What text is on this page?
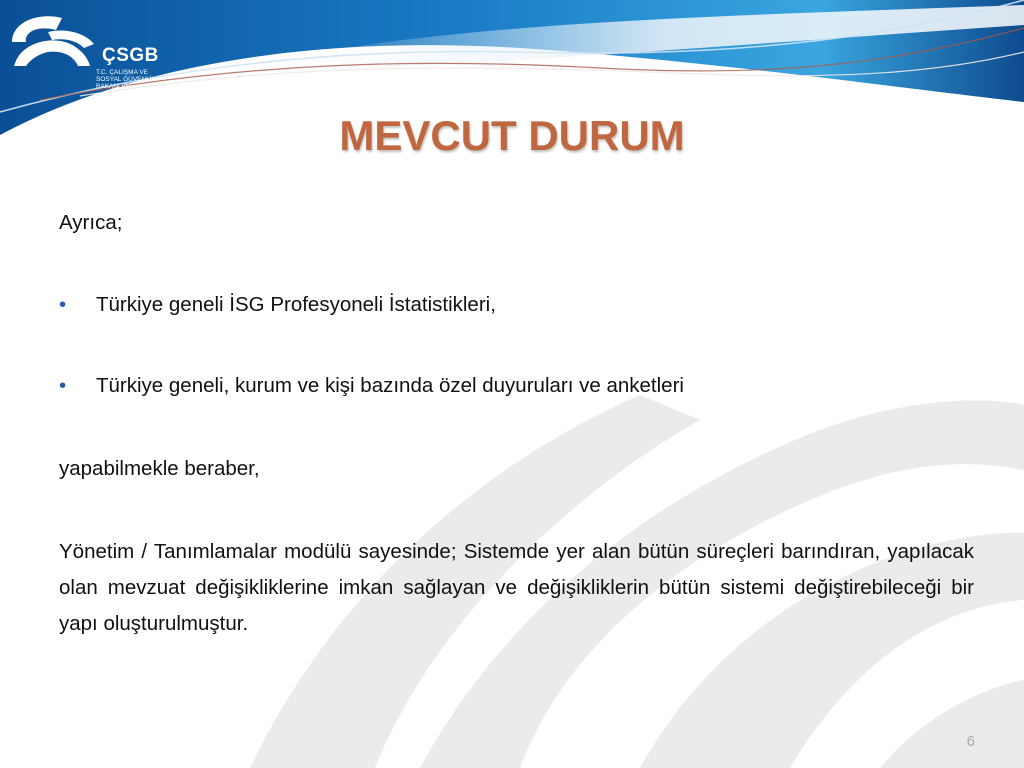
ÇSGB
T.C. ÇALIŞMA VE
SOSYAL GÜVENLİK
BAKANLIĞI
MEVCUT DURUM
Ayrıca;
• Türkiye geneli İSG Profesyoneli İstatistikleri,
• Türkiye geneli, kurum ve kişi bazında özel duyuruları ve anketleri
yapabilmekle beraber,
Yönetim / Tanımlamalar modülü sayesinde; Sistemde yer alan bütün süreçleri barındıran, yapılacak olan mevzuat değişikliklerine imkan sağlayan ve değişikliklerin bütün sistemi değiştirebileceği bir yapı oluşturulmuştur.
6
